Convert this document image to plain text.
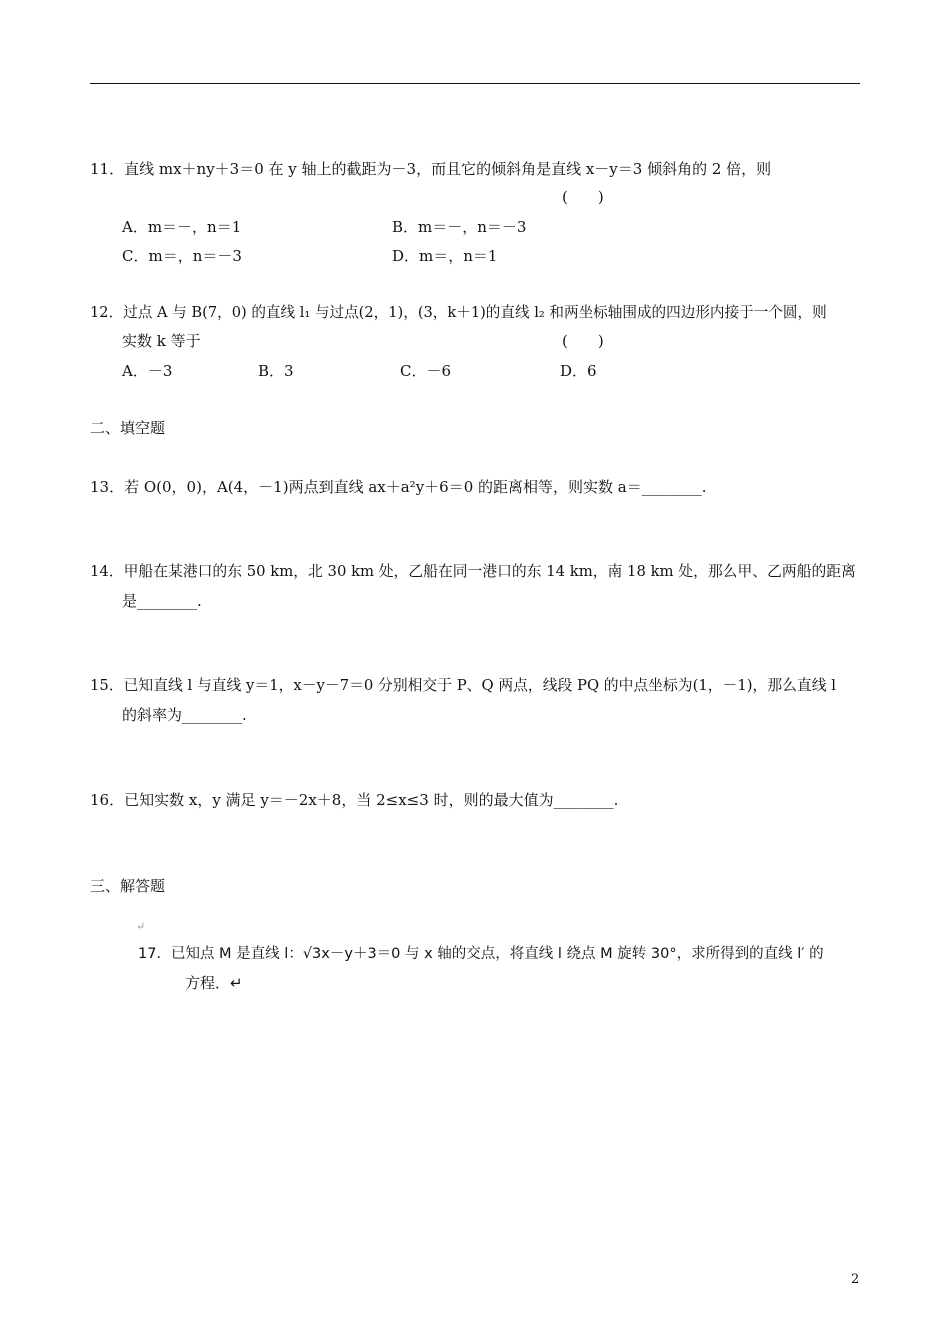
11．直线 mx＋ny＋3＝0 在 y 轴上的截距为－3，而且它的倾斜角是直线 x－y＝3 倾斜角的 2 倍，则
(　　)
A．m＝－，n＝1	B．m＝－，n＝－3
C．m＝，n＝－3	D．m＝，n＝1
12．过点 A 与 B(7，0) 的直线 l₁ 与过点(2，1)，(3，k＋1)的直线 l₂ 和两坐标轴围成的四边形内接于一个圆，则
实数 k 等于	(　　)
A．－3	B．3	C．－6	D．6
二、填空题
13．若 O(0，0)，A(4，－1)两点到直线 ax＋a²y＋6＝0 的距离相等，则实数 a＝________.
14．甲船在某港口的东 50 km，北 30 km 处，乙船在同一港口的东 14 km，南 18 km 处，那么甲、乙两船的距离
是________.
15．已知直线 l 与直线 y＝1，x－y－7＝0 分别相交于 P、Q 两点，线段 PQ 的中点坐标为(1，－1)，那么直线 l
的斜率为________.
16．已知实数 x，y 满足 y＝－2x＋8，当 2≤x≤3 时，则的最大值为________.
三、解答题
↵
17．已知点 M 是直线 l：√3x－y＋3＝0 与 x 轴的交点，将直线 l 绕点 M 旋转 30°，求所得到的直线 l′ 的
方程．↵
2
